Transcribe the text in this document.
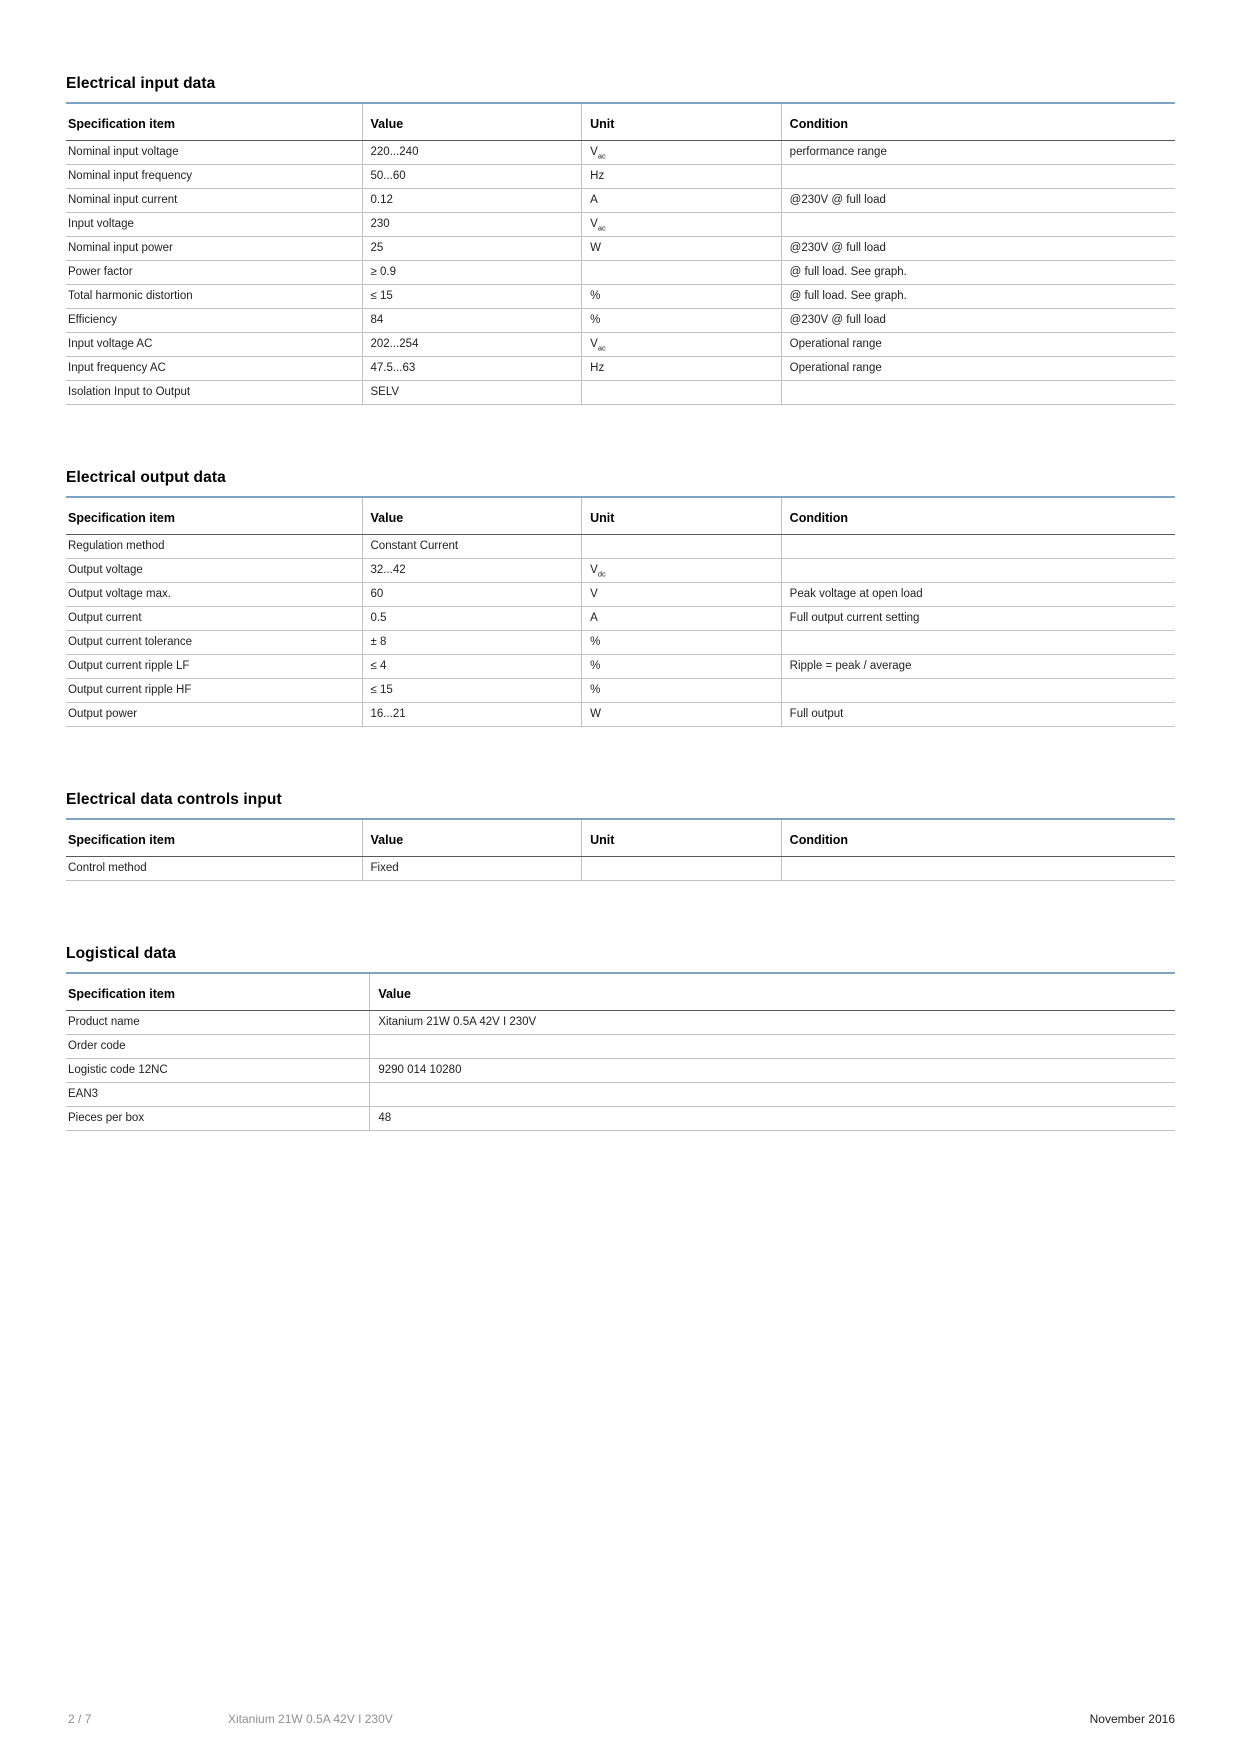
Electrical input data
Specification item	Value	Unit	Condition
Nominal input voltage	220...240	$V_{ac}$	performance range
Nominal input frequency	50...60	Hz	
Nominal input current	0.12	A	@230V @ full load
Input voltage	230	$V_{ac}$	
Nominal input power	25	W	@230V @ full load
Power factor	≥ 0.9		@ full load. See graph.
Total harmonic distortion	≤ 15	%	@ full load. See graph.
Efficiency	84	%	@230V @ full load
Input voltage AC	202...254	$V_{ac}$	Operational range
Input frequency AC	47.5...63	Hz	Operational range
Isolation Input to Output	SELV		
Electrical output data
Specification item	Value	Unit	Condition
Regulation method	Constant Current		
Output voltage	32...42	$V_{dc}$	
Output voltage max.	60	V	Peak voltage at open load
Output current	0.5	A	Full output current setting
Output current tolerance	± 8	%	
Output current ripple LF	≤ 4	%	Ripple = peak / average
Output current ripple HF	≤ 15	%	
Output power	16...21	W	Full output
Electrical data controls input
Specification item	Value	Unit	Condition
Control method	Fixed		
Logistical data
Specification item	Value
Product name	Xitanium 21W 0.5A 42V I 230V
Order code	
Logistic code 12NC	9290 014 10280
EAN3	
Pieces per box	48
2 / 7	Xitanium 21W 0.5A 42V I 230V	November 2016
